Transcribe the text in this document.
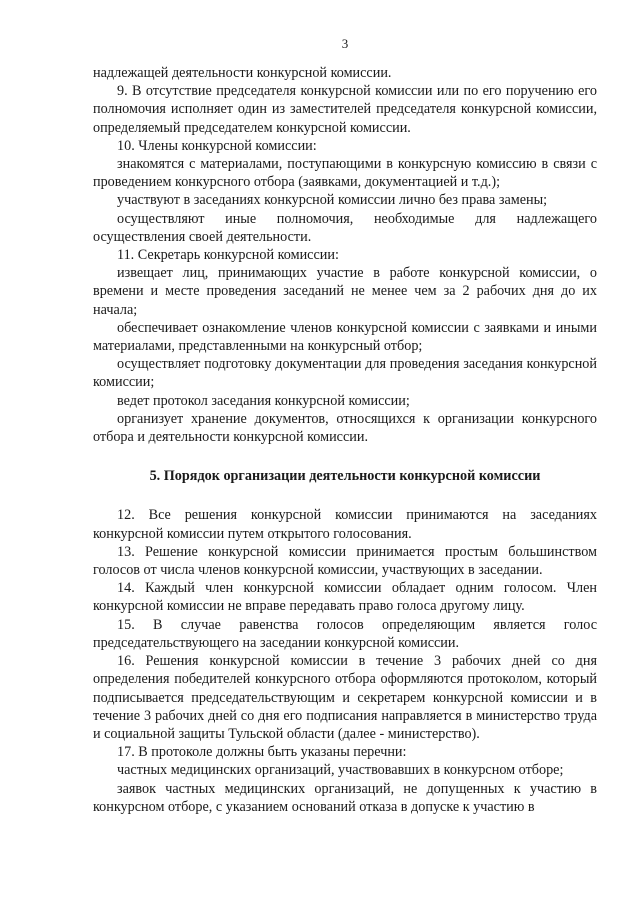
3

надлежащей деятельности конкурсной комиссии.

9. В отсутствие председателя конкурсной комиссии или по его поручению его полномочия исполняет один из заместителей председателя конкурсной комиссии, определяемый председателем конкурсной комиссии.

10. Члены конкурсной комиссии:

знакомятся с материалами, поступающими в конкурсную комиссию в связи с проведением конкурсного отбора (заявками, документацией и т.д.);

участвуют в заседаниях конкурсной комиссии лично без права замены;

осуществляют иные полномочия, необходимые для надлежащего осуществления своей деятельности.

11. Секретарь конкурсной комиссии:

извещает лиц, принимающих участие в работе конкурсной комиссии, о времени и месте проведения заседаний не менее чем за 2 рабочих дня до их начала;

обеспечивает ознакомление членов конкурсной комиссии с заявками и иными материалами, представленными на конкурсный отбор;

осуществляет подготовку документации для проведения заседания конкурсной комиссии;

ведет протокол заседания конкурсной комиссии;

организует хранение документов, относящихся к организации конкурсного отбора и деятельности конкурсной комиссии.

5. Порядок организации деятельности конкурсной комиссии

12. Все решения конкурсной комиссии принимаются на заседаниях конкурсной комиссии путем открытого голосования.

13. Решение конкурсной комиссии принимается простым большинством голосов от числа членов конкурсной комиссии, участвующих в заседании.

14. Каждый член конкурсной комиссии обладает одним голосом. Член конкурсной комиссии не вправе передавать право голоса другому лицу.

15. В случае равенства голосов определяющим является голос председательствующего на заседании конкурсной комиссии.

16. Решения конкурсной комиссии в течение 3 рабочих дней со дня определения победителей конкурсного отбора оформляются протоколом, который подписывается председательствующим и секретарем конкурсной комиссии и в течение 3 рабочих дней со дня его подписания направляется в министерство труда и социальной защиты Тульской области (далее - министерство).

17. В протоколе должны быть указаны перечни:

частных медицинских организаций, участвовавших в конкурсном отборе;

заявок частных медицинских организаций, не допущенных к участию в конкурсном отборе, с указанием оснований отказа в допуске к участию в
